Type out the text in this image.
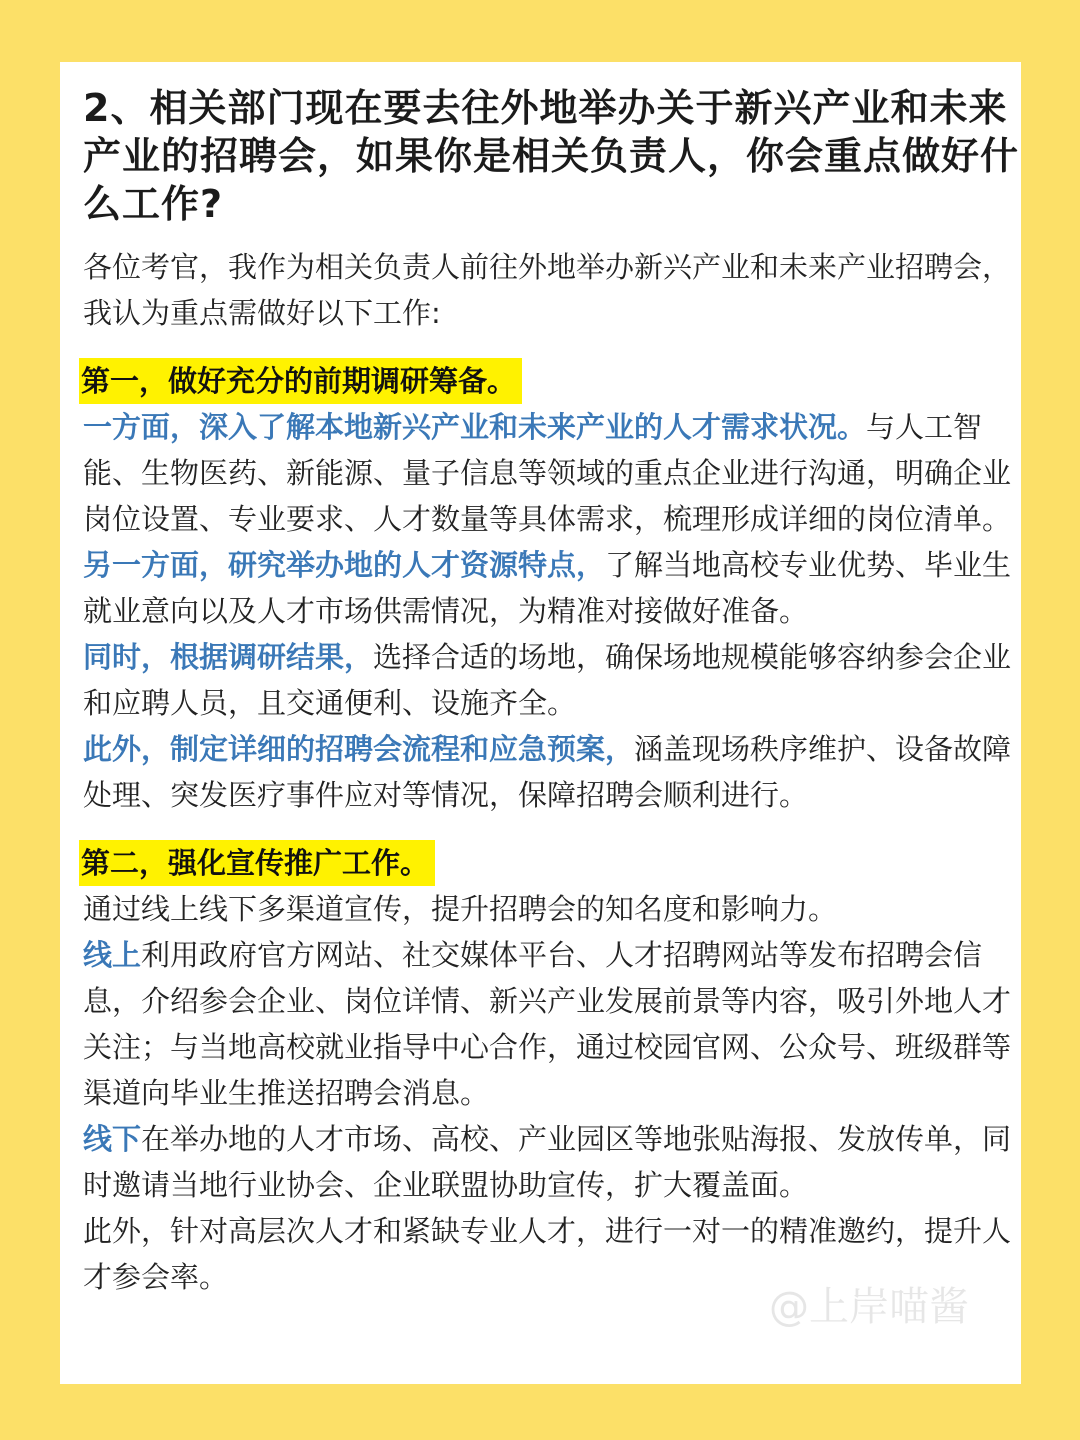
2、相关部门现在要去往外地举办关于新兴产业和未来产业的招聘会，如果你是相关负责人，你会重点做好什么工作?

各位考官，我作为相关负责人前往外地举办新兴产业和未来产业招聘会，我认为重点需做好以下工作:

第一，做好充分的前期调研筹备。

一方面，深入了解本地新兴产业和未来产业的人才需求状况。与人工智能、生物医药、新能源、量子信息等领域的重点企业进行沟通，明确企业岗位设置、专业要求、人才数量等具体需求，梳理形成详细的岗位清单。

另一方面，研究举办地的人才资源特点，了解当地高校专业优势、毕业生就业意向以及人才市场供需情况，为精准对接做好准备。

同时，根据调研结果，选择合适的场地，确保场地规模能够容纳参会企业和应聘人员，且交通便利、设施齐全。

此外，制定详细的招聘会流程和应急预案，涵盖现场秩序维护、设备故障处理、突发医疗事件应对等情况，保障招聘会顺利进行。

第二，强化宣传推广工作。

通过线上线下多渠道宣传，提升招聘会的知名度和影响力。

线上利用政府官方网站、社交媒体平台、人才招聘网站等发布招聘会信息，介绍参会企业、岗位详情、新兴产业发展前景等内容，吸引外地人才关注；与当地高校就业指导中心合作，通过校园官网、公众号、班级群等渠道向毕业生推送招聘会消息。

线下在举办地的人才市场、高校、产业园区等地张贴海报、发放传单，同时邀请当地行业协会、企业联盟协助宣传，扩大覆盖面。

此外，针对高层次人才和紧缺专业人才，进行一对一的精准邀约，提升人才参会率。

@上岸喵酱
